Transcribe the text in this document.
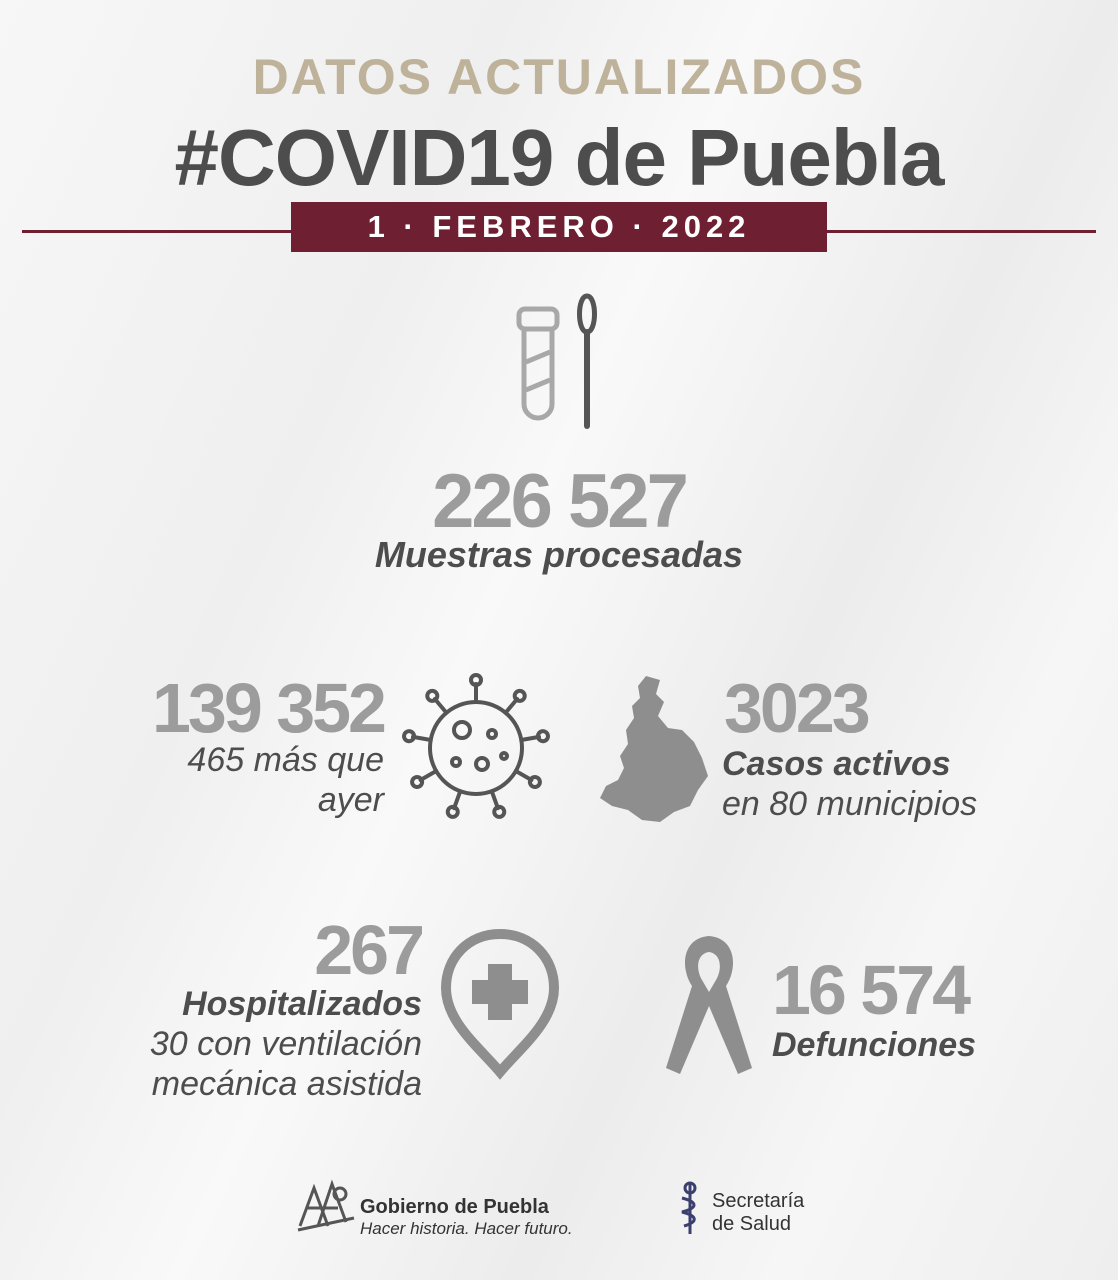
DATOS ACTUALIZADOS
#COVID19 de Puebla
1 · FEBRERO · 2022
226 527
Muestras procesadas
139 352
465 más que
ayer
3023
Casos activos
en 80 municipios
267
Hospitalizados
30 con ventilación
mecánica asistida
16 574
Defunciones
Gobierno de Puebla
Hacer historia. Hacer futuro.
Secretaría
de Salud
